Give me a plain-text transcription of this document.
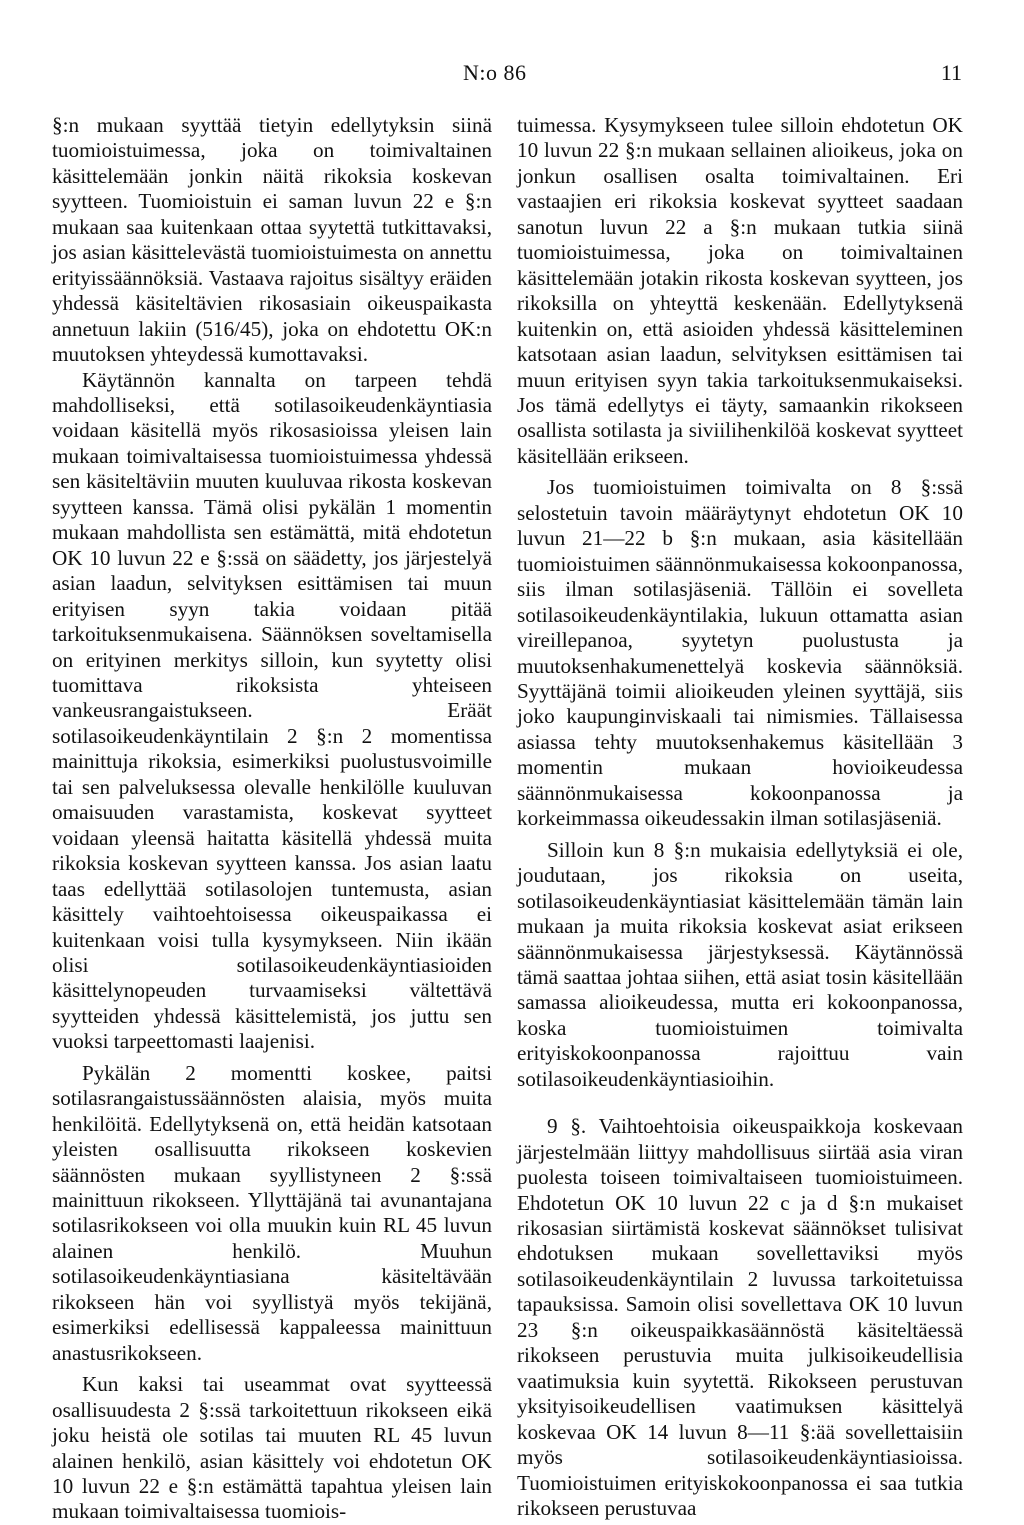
N:o 86	11

§:n mukaan syyttää tietyin edellytyksin siinä tuomioistuimessa, joka on toimivaltainen käsittelemään jonkin näitä rikoksia koskevan syytteen. Tuomioistuin ei saman luvun 22 e §:n mukaan saa kuitenkaan ottaa syytettä tutkittavaksi, jos asian käsittelevästä tuomioistuimesta on annettu erityissäännöksiä. Vastaava rajoitus sisältyy eräiden yhdessä käsiteltävien rikosasiain oikeuspaikasta annetuun lakiin (516/45), joka on ehdotettu OK:n muutoksen yhteydessä kumottavaksi.

Käytännön kannalta on tarpeen tehdä mahdolliseksi, että sotilasoikeudenkäyntiasia voidaan käsitellä myös rikosasioissa yleisen lain mukaan toimivaltaisessa tuomioistuimessa yhdessä sen käsiteltäviin muuten kuuluvaa rikosta koskevan syytteen kanssa. Tämä olisi pykälän 1 momentin mukaan mahdollista sen estämättä, mitä ehdotetun OK 10 luvun 22 e §:ssä on säädetty, jos järjestelyä asian laadun, selvityksen esittämisen tai muun erityisen syyn takia voidaan pitää tarkoituksenmukaisena. Säännöksen soveltamisella on erityinen merkitys silloin, kun syytetty olisi tuomittava rikoksista yhteiseen vankeusrangaistukseen. Eräät sotilasoikeudenkäyntilain 2 §:n 2 momentissa mainittuja rikoksia, esimerkiksi puolustusvoimille tai sen palveluksessa olevalle henkilölle kuuluvan omaisuuden varastamista, koskevat syytteet voidaan yleensä haitatta käsitellä yhdessä muita rikoksia koskevan syytteen kanssa. Jos asian laatu taas edellyttää sotilasolojen tuntemusta, asian käsittely vaihtoehtoisessa oikeuspaikassa ei kuitenkaan voisi tulla kysymykseen. Niin ikään olisi sotilasoikeudenkäyntiasioiden käsittelynopeuden turvaamiseksi vältettävä syytteiden yhdessä käsittelemistä, jos juttu sen vuoksi tarpeettomasti laajenisi.

Pykälän 2 momentti koskee, paitsi sotilasrangaistussäännösten alaisia, myös muita henkilöitä. Edellytyksenä on, että heidän katsotaan yleisten osallisuutta rikokseen koskevien säännösten mukaan syyllistyneen 2 §:ssä mainittuun rikokseen. Yllyttäjänä tai avunantajana sotilasrikokseen voi olla muukin kuin RL 45 luvun alainen henkilö. Muuhun sotilasoikeudenkäyntiasiana käsiteltävään rikokseen hän voi syyllistyä myös tekijänä, esimerkiksi edellisessä kappaleessa mainittuun anastusrikokseen.

Kun kaksi tai useammat ovat syytteessä osallisuudesta 2 §:ssä tarkoitettuun rikokseen eikä joku heistä ole sotilas tai muuten RL 45 luvun alainen henkilö, asian käsittely voi ehdotetun OK 10 luvun 22 e §:n estämättä tapahtua yleisen lain mukaan toimivaltaisessa tuomiois-

tuimessa. Kysymykseen tulee silloin ehdotetun OK 10 luvun 22 §:n mukaan sellainen alioikeus, joka on jonkun osallisen osalta toimivaltainen. Eri vastaajien eri rikoksia koskevat syytteet saadaan sanotun luvun 22 a §:n mukaan tutkia siinä tuomioistuimessa, joka on toimivaltainen käsittelemään jotakin rikosta koskevan syytteen, jos rikoksilla on yhteyttä keskenään. Edellytyksenä kuitenkin on, että asioiden yhdessä käsitteleminen katsotaan asian laadun, selvityksen esittämisen tai muun erityisen syyn takia tarkoituksenmukaiseksi. Jos tämä edellytys ei täyty, samaankin rikokseen osallista sotilasta ja siviilihenkilöä koskevat syytteet käsitellään erikseen.

Jos tuomioistuimen toimivalta on 8 §:ssä selostetuin tavoin määräytynyt ehdotetun OK 10 luvun 21—22 b §:n mukaan, asia käsitellään tuomioistuimen säännönmukaisessa kokoonpanossa, siis ilman sotilasjäseniä. Tällöin ei sovelleta sotilasoikeudenkäyntilakia, lukuun ottamatta asian vireillepanoa, syytetyn puolustusta ja muutoksenhakumenettelyä koskevia säännöksiä. Syyttäjänä toimii alioikeuden yleinen syyttäjä, siis joko kaupunginviskaali tai nimismies. Tällaisessa asiassa tehty muutoksenhakemus käsitellään 3 momentin mukaan hovioikeudessa säännönmukaisessa kokoonpanossa ja korkeimmassa oikeudessakin ilman sotilasjäseniä.

Silloin kun 8 §:n mukaisia edellytyksiä ei ole, joudutaan, jos rikoksia on useita, sotilasoikeudenkäyntiasiat käsittelemään tämän lain mukaan ja muita rikoksia koskevat asiat erikseen säännönmukaisessa järjestyksessä. Käytännössä tämä saattaa johtaa siihen, että asiat tosin käsitellään samassa alioikeudessa, mutta eri kokoonpanossa, koska tuomioistuimen toimivalta erityiskokoonpanossa rajoittuu vain sotilasoikeudenkäyntiasioihin.

9 §. Vaihtoehtoisia oikeuspaikkoja koskevaan järjestelmään liittyy mahdollisuus siirtää asia viran puolesta toiseen toimivaltaiseen tuomioistuimeen. Ehdotetun OK 10 luvun 22 c ja d §:n mukaiset rikosasian siirtämistä koskevat säännökset tulisivat ehdotuksen mukaan sovellettaviksi myös sotilasoikeudenkäyntilain 2 luvussa tarkoitetuissa tapauksissa. Samoin olisi sovellettava OK 10 luvun 23 §:n oikeuspaikkasäännöstä käsiteltäessä rikokseen perustuvia muita julkisoikeudellisia vaatimuksia kuin syytettä. Rikokseen perustuvan yksityisoikeudellisen vaatimuksen käsittelyä koskevaa OK 14 luvun 8—11 §:ää sovellettaisiin myös sotilasoikeudenkäyntiasioissa. Tuomioistuimen erityiskokoonpanossa ei saa tutkia rikokseen perustuvaa
